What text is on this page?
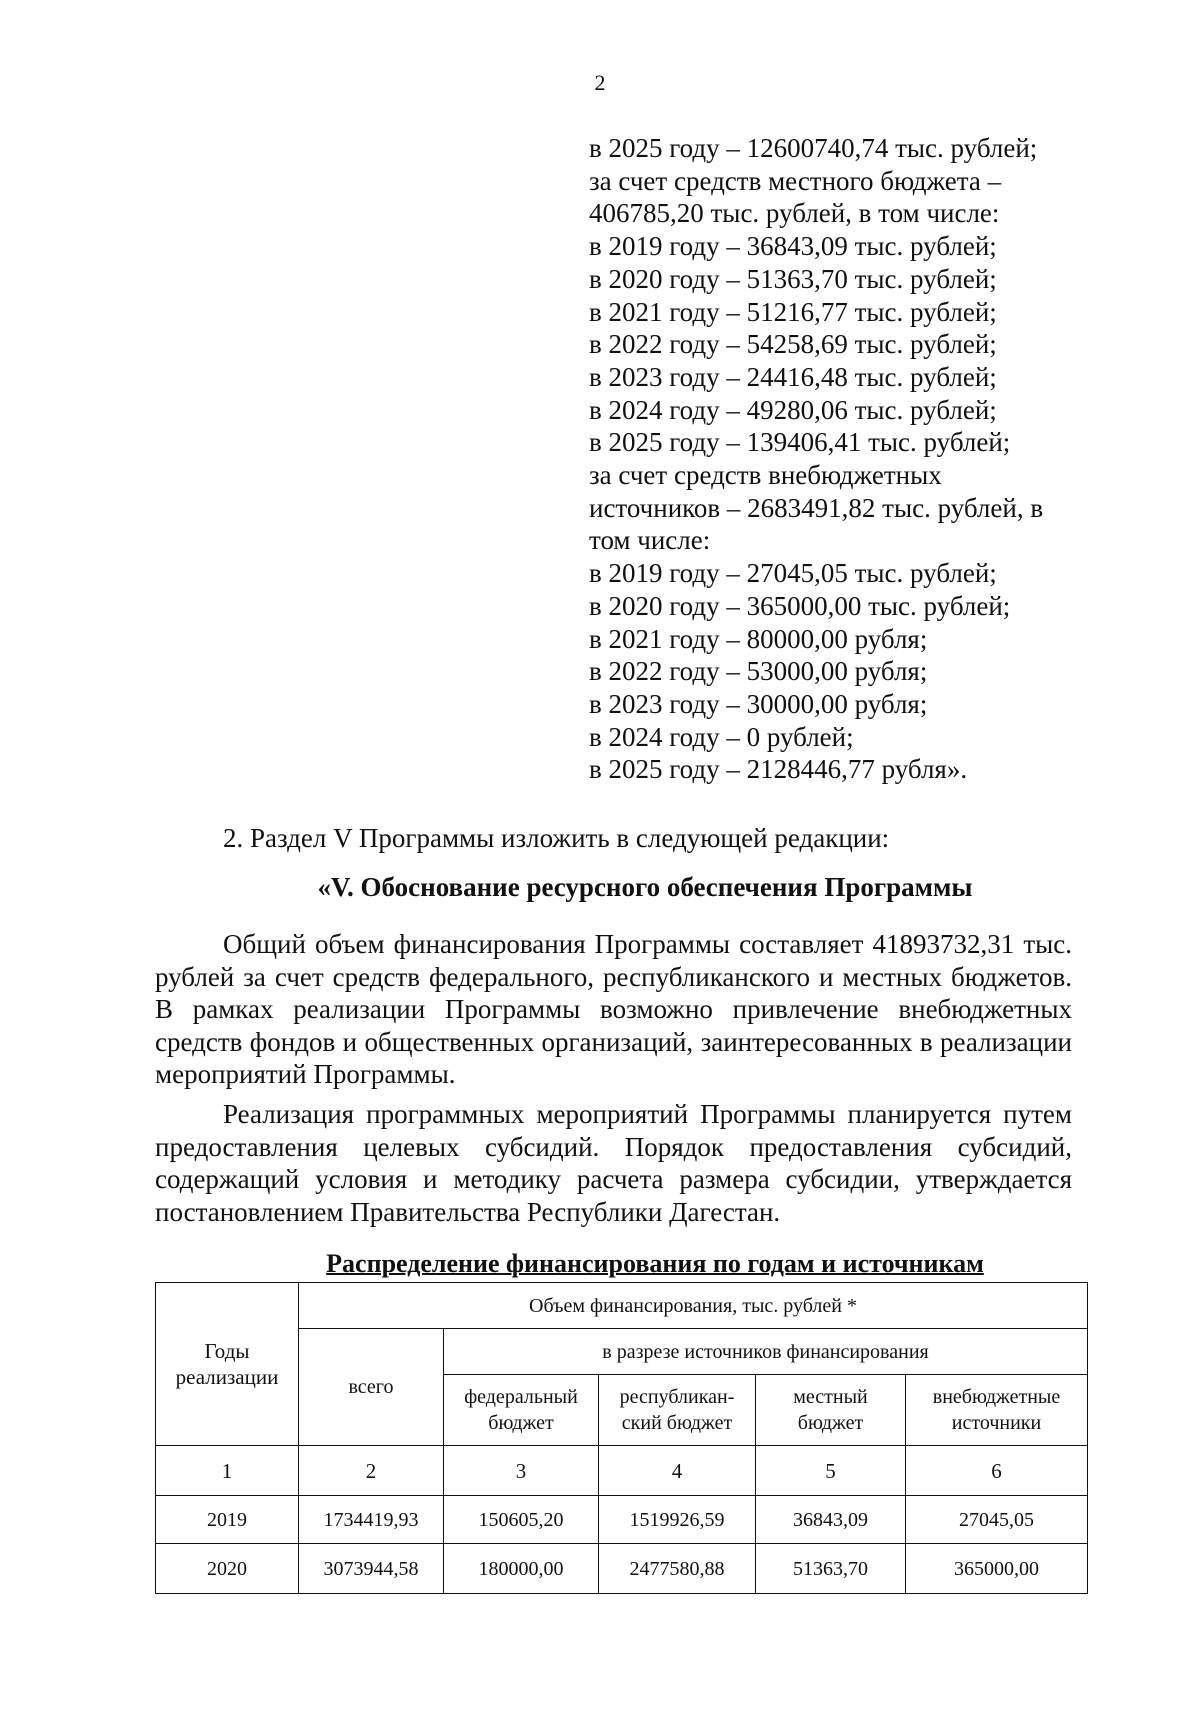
2
в 2025 году – 12600740,74 тыс. рублей;
за счет средств местного бюджета –
406785,20 тыс. рублей, в том числе:
в 2019 году – 36843,09 тыс. рублей;
в 2020 году – 51363,70 тыс. рублей;
в 2021 году – 51216,77 тыс. рублей;
в 2022 году – 54258,69 тыс. рублей;
в 2023 году – 24416,48 тыс. рублей;
в 2024 году – 49280,06 тыс. рублей;
в 2025 году – 139406,41 тыс. рублей;
за счет средств внебюджетных
источников – 2683491,82 тыс. рублей, в
том числе:
в 2019 году – 27045,05 тыс. рублей;
в 2020 году – 365000,00 тыс. рублей;
в 2021 году – 80000,00 рубля;
в 2022 году – 53000,00 рубля;
в 2023 году – 30000,00 рубля;
в 2024 году – 0 рублей;
в 2025 году – 2128446,77 рубля».
2. Раздел V Программы изложить в следующей редакции:
«V. Обоснование ресурсного обеспечения Программы
Общий объем финансирования Программы составляет 41893732,31 тыс. рублей за счет средств федерального, республиканского и местных бюджетов. В рамках реализации Программы возможно привлечение внебюджетных средств фондов и общественных организаций, заинтересованных в реализации мероприятий Программы.
Реализация программных мероприятий Программы планируется путем предоставления целевых субсидий. Порядок предоставления субсидий, содержащий условия и методику расчета размера субсидии, утверждается постановлением Правительства Республики Дагестан.
Распределение финансирования по годам и источникам
Годы реализации	Объем финансирования, тыс. рублей *				
	всего	в разрезе источников финансирования			
		федеральный бюджет	республикан-ский бюджет	местный бюджет	внебюджетные источники
1	2	3	4	5	6
2019	1734419,93	150605,20	1519926,59	36843,09	27045,05
2020	3073944,58	180000,00	2477580,88	51363,70	365000,00
